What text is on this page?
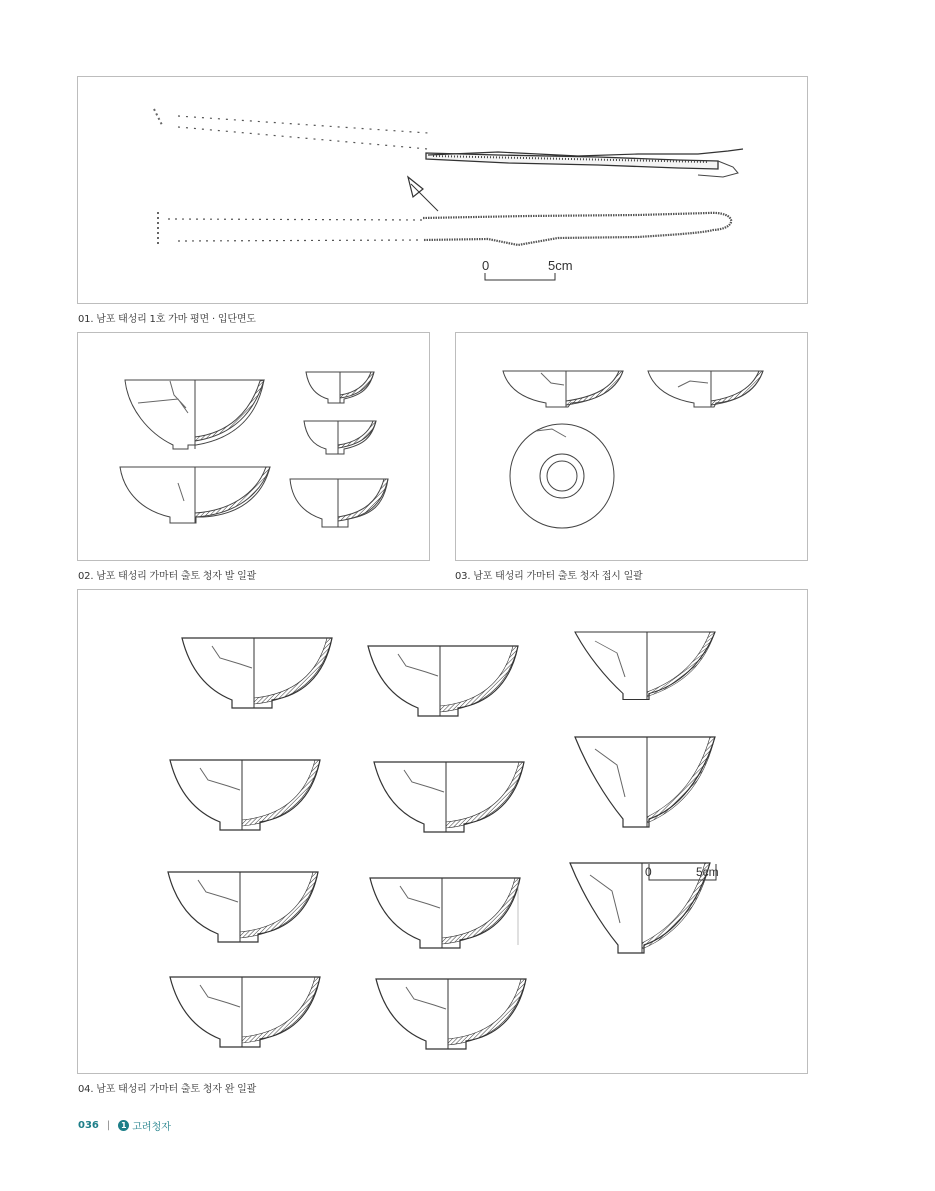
0	5cm
01. 남포 태성리 1호 가마 평면 · 입단면도
02. 남포 태성리 가마터 출토 청자 발 일괄	03. 남포 태성리 가마터 출토 청자 접시 일괄
0	5cm
04. 남포 태성리 가마터 출토 청자 완 일괄
036 |	1 고려청자
